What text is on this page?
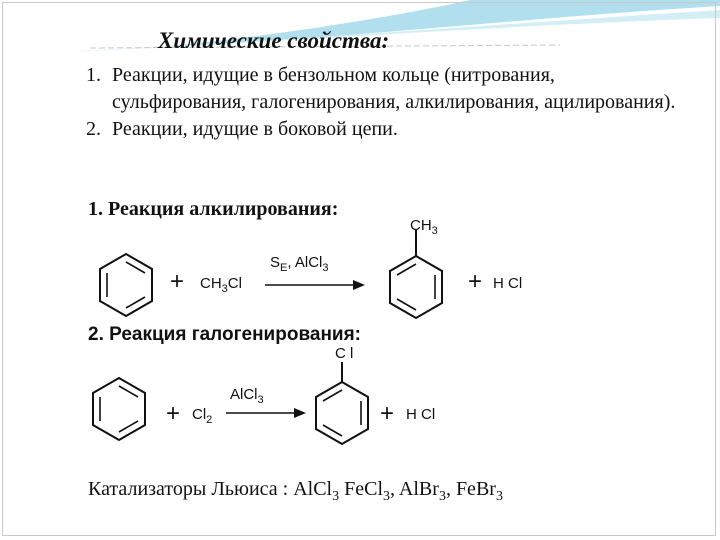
Химические свойства:
1. Реакции, идущие в бензольном кольце (нитрования, сульфирования, галогенирования, алкилирования, ацилирования).
2. Реакции, идущие в боковой цепи.
1. Реакция алкилирования:
+ $CH_3Cl$
$S_E$, AlCl$_3$
$CH_3$
+ H Cl
2. Реакция галогенирования:
C l
+ $Cl_2$
AlCl$_3$	+ H Cl
Катализаторы Льюиса : AlCl$_3$ FeCl$_3$, AlBr$_3$, FeBr$_3$
